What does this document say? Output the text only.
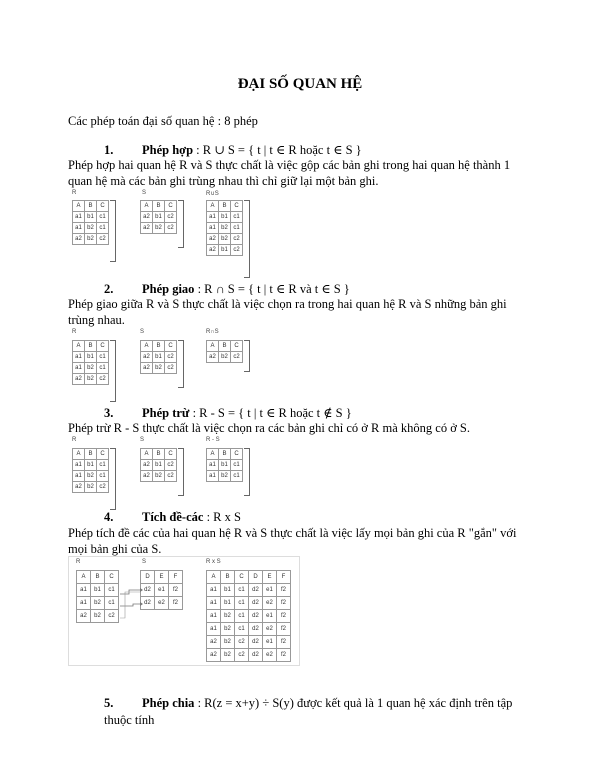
ĐẠI SỐ QUAN HỆ
Các phép toán đại số quan hệ : 8 phép
1. Phép hợp : R ∪ S = { t | t ∈ R hoặc t ∈ S }
Phép hợp hai quan hệ R và S thực chất là việc gộp các bản ghi trong hai quan hệ thành 1
quan hệ mà các bản ghi trùng nhau thì chỉ giữ lại một bản ghi.
R	S	R∪S
A	B	C
a1	b1	c1
a1	b2	c1
a2	b2	c2
A	B	C
a2	b1	c2
a2	b2	c2
A	B	C
a1	b1	c1
a1	b2	c1
a2	b2	c2
a2	b1	c2
2. Phép giao : R ∩ S = { t | t ∈ R và t ∈ S }
Phép giao giữa R và S thực chất là việc chọn ra trong hai quan hệ R và S những bản ghi
trùng nhau.
R	S	R∩S
A	B	C
a1	b1	c1
a1	b2	c1
a2	b2	c2
A	B	C
a2	b1	c2
a2	b2	c2
A	B	C
a2	b2	c2
3. Phép trừ : R - S = { t | t ∈ R hoặc t ∉ S }
Phép trừ R - S thực chất là việc chọn ra các bản ghi chỉ có ở R mà không có ở S.
R	S	R - S
A	B	C
a1	b1	c1
a1	b2	c1
a2	b2	c2
A	B	C
a2	b1	c2
a2	b2	c2
A	B	C
a1	b1	c1
a1	b2	c1
4. Tích đề-các : R x S
Phép tích đề các của hai quan hệ R và S thực chất là việc lấy mọi bản ghi của R "gắn" với
mọi bản ghi của S.
R	S	R x S
A	B	C
a1	b1	c1
a1	b2	c1
a2	b2	c2
D	E	F
d2	e1	f2
d2	e2	f2
A	B	C	D	E	F
a1	b1	c1	d2	e1	f2
a1	b1	c1	d2	e2	f2
a1	b2	c1	d2	e1	f2
a1	b2	c1	d2	e2	f2
a2	b2	c2	d2	e1	f2
a2	b2	c2	d2	e2	f2
5. Phép chia : R(z = x+y) ÷ S(y) được kết quả là 1 quan hệ xác định trên tập
thuộc tính
